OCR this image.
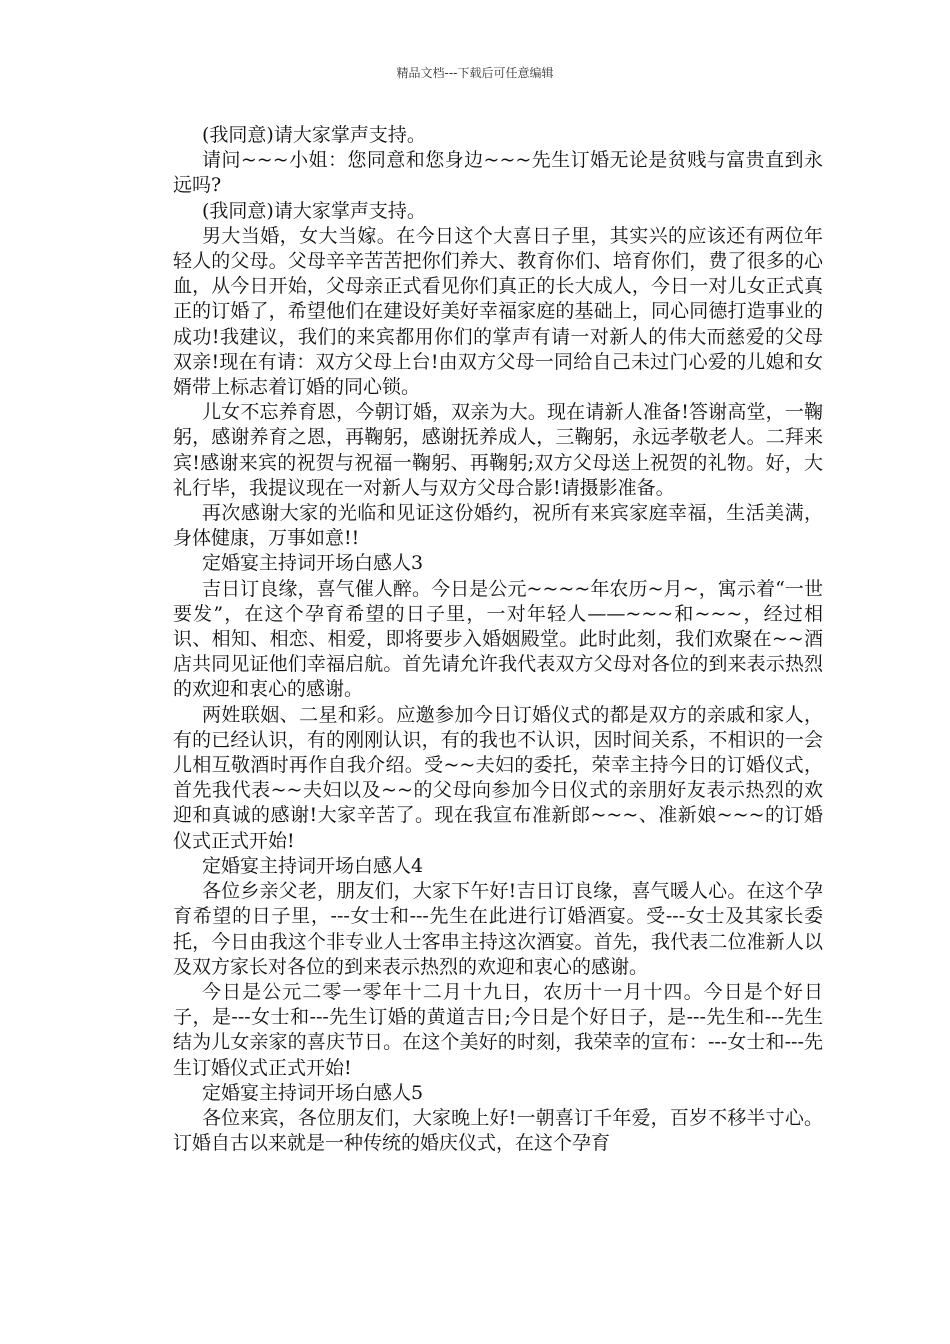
精品文档---下载后可任意编辑

(我同意)请大家掌声支持。

请问~~~小姐：您同意和您身边~~~先生订婚无论是贫贱与富贵直到永远吗?

(我同意)请大家掌声支持。

男大当婚，女大当嫁。在今日这个大喜日子里，其实兴的应该还有两位年轻人的父母。父母辛辛苦苦把你们养大、教育你们、培育你们，费了很多的心血，从今日开始，父母亲正式看见你们真正的长大成人，今日一对儿女正式真正的订婚了，希望他们在建设好美好幸福家庭的基础上，同心同德打造事业的成功!我建议，我们的来宾都用你们的掌声有请一对新人的伟大而慈爱的父母双亲!现在有请：双方父母上台!由双方父母一同给自己未过门心爱的儿媳和女婿带上标志着订婚的同心锁。

儿女不忘养育恩，今朝订婚，双亲为大。现在请新人准备!答谢高堂，一鞠躬，感谢养育之恩，再鞠躬，感谢抚养成人，三鞠躬，永远孝敬老人。二拜来宾!感谢来宾的祝贺与祝福一鞠躬、再鞠躬;双方父母送上祝贺的礼物。好，大礼行毕，我提议现在一对新人与双方父母合影!请摄影准备。

再次感谢大家的光临和见证这份婚约，祝所有来宾家庭幸福，生活美满，身体健康，万事如意!!

定婚宴主持词开场白感人3

吉日订良缘，喜气催人醉。今日是公元~~~~年农历~月~，寓示着“一世要发”，在这个孕育希望的日子里，一对年轻人——~~~和~~~，经过相识、相知、相恋、相爱，即将要步入婚姻殿堂。此时此刻，我们欢聚在~~酒店共同见证他们幸福启航。首先请允许我代表双方父母对各位的到来表示热烈的欢迎和衷心的感谢。

两姓联姻、二星和彩。应邀参加今日订婚仪式的都是双方的亲戚和家人，有的已经认识，有的刚刚认识，有的我也不认识，因时间关系，不相识的一会儿相互敬酒时再作自我介绍。受~~夫妇的委托，荣幸主持今日的订婚仪式，首先我代表~~夫妇以及~~的父母向参加今日仪式的亲朋好友表示热烈的欢迎和真诚的感谢!大家辛苦了。现在我宣布准新郎~~~、准新娘~~~的订婚仪式正式开始!

定婚宴主持词开场白感人4

各位乡亲父老，朋友们，大家下午好!吉日订良缘，喜气暖人心。在这个孕育希望的日子里，---女士和---先生在此进行订婚酒宴。受---女士及其家长委托，今日由我这个非专业人士客串主持这次酒宴。首先，我代表二位准新人以及双方家长对各位的到来表示热烈的欢迎和衷心的感谢。

今日是公元二零一零年十二月十九日，农历十一月十四。今日是个好日子，是---女士和---先生订婚的黄道吉日;今日是个好日子，是---先生和---先生结为儿女亲家的喜庆节日。在这个美好的时刻，我荣幸的宣布：---女士和---先生订婚仪式正式开始!

定婚宴主持词开场白感人5

各位来宾，各位朋友们，大家晚上好!一朝喜订千年爱，百岁不移半寸心。订婚自古以来就是一种传统的婚庆仪式，在这个孕育
